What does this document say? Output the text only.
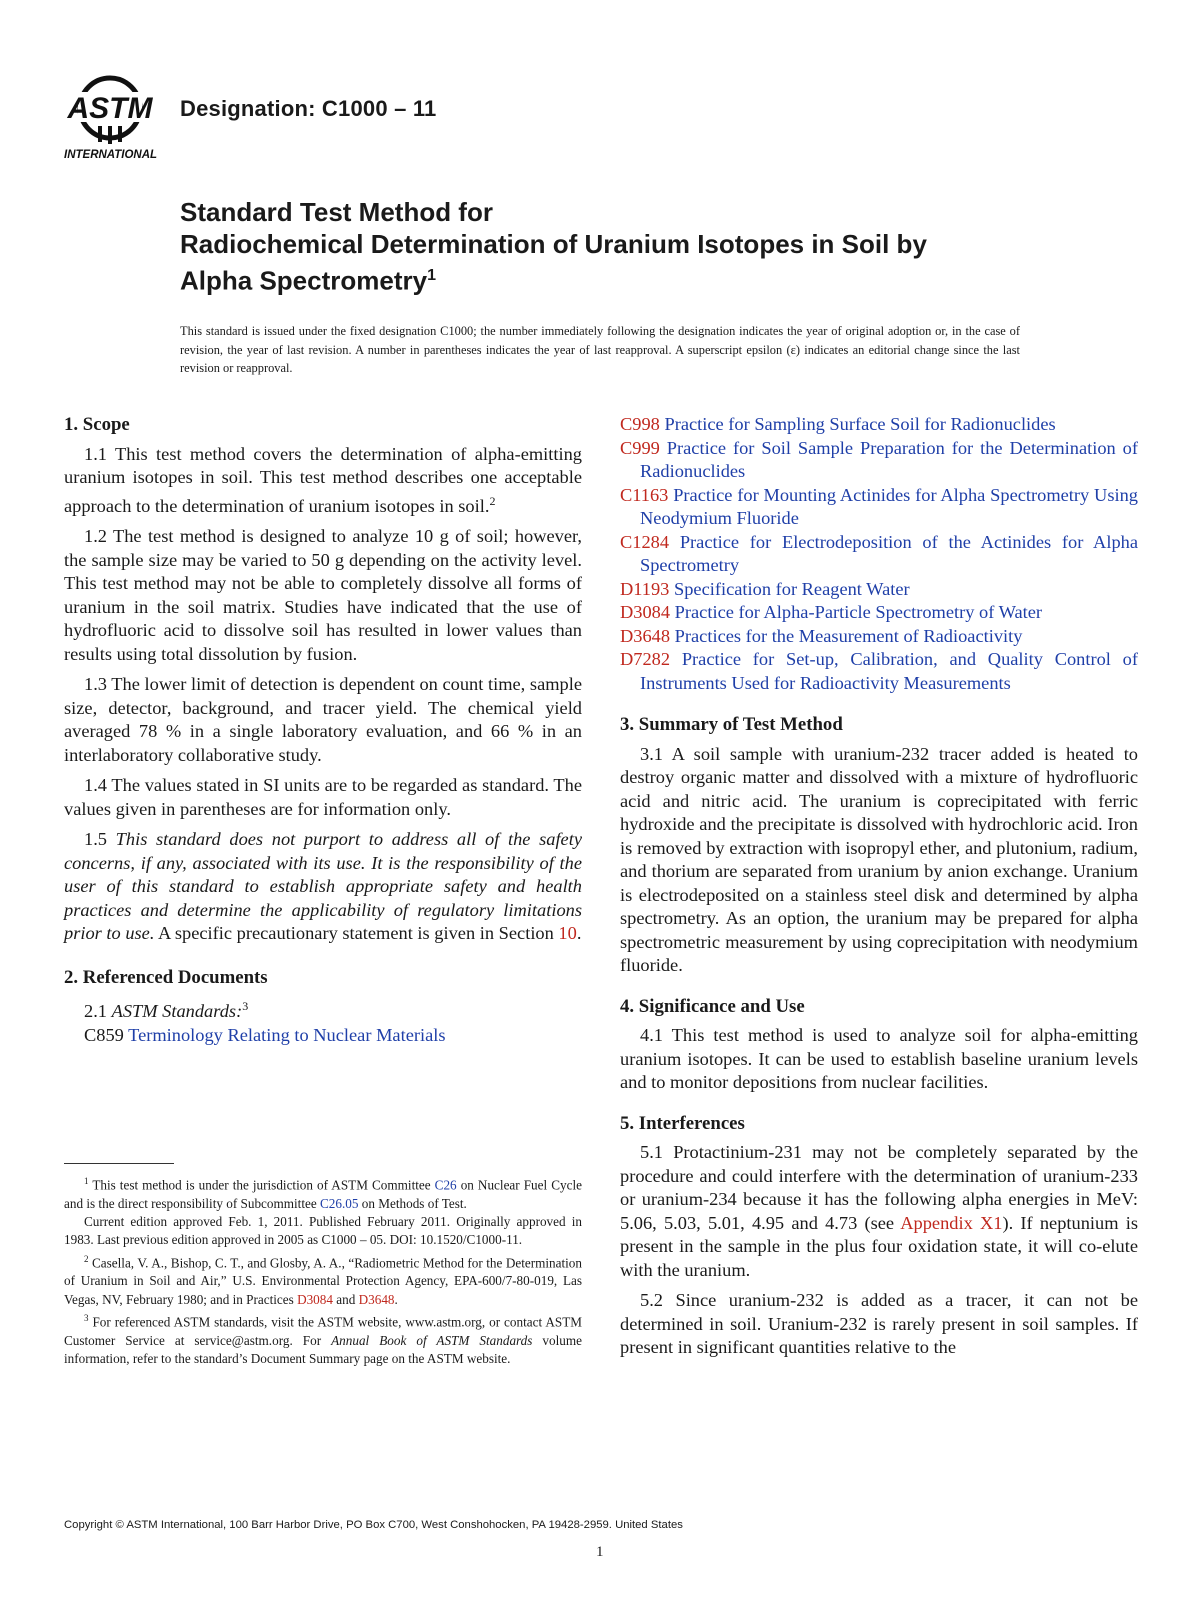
ASTM
INTERNATIONAL
Designation: C1000 – 11
Standard Test Method for
Radiochemical Determination of Uranium Isotopes in Soil by
Alpha Spectrometry$^1$
This standard is issued under the fixed designation C1000; the number immediately following the designation indicates the year of original adoption or, in the case of revision, the year of last revision. A number in parentheses indicates the year of last reapproval. A superscript epsilon (ε) indicates an editorial change since the last revision or reapproval.
1. Scope
1.1 This test method covers the determination of alpha-emitting uranium isotopes in soil. This test method describes one acceptable approach to the determination of uranium isotopes in soil.$^2$
1.2 The test method is designed to analyze 10 g of soil; however, the sample size may be varied to 50 g depending on the activity level. This test method may not be able to completely dissolve all forms of uranium in the soil matrix. Studies have indicated that the use of hydrofluoric acid to dissolve soil has resulted in lower values than results using total dissolution by fusion.
1.3 The lower limit of detection is dependent on count time, sample size, detector, background, and tracer yield. The chemical yield averaged 78 % in a single laboratory evaluation, and 66 % in an interlaboratory collaborative study.
1.4 The values stated in SI units are to be regarded as standard. The values given in parentheses are for information only.
1.5 This standard does not purport to address all of the safety concerns, if any, associated with its use. It is the responsibility of the user of this standard to establish appropriate safety and health practices and determine the applicability of regulatory limitations prior to use. A specific precautionary statement is given in Section 10.
2. Referenced Documents
2.1 ASTM Standards:$^3$
C859 Terminology Relating to Nuclear Materials
C998 Practice for Sampling Surface Soil for Radionuclides
C999 Practice for Soil Sample Preparation for the Determination of Radionuclides
C1163 Practice for Mounting Actinides for Alpha Spectrometry Using Neodymium Fluoride
C1284 Practice for Electrodeposition of the Actinides for Alpha Spectrometry
D1193 Specification for Reagent Water
D3084 Practice for Alpha-Particle Spectrometry of Water
D3648 Practices for the Measurement of Radioactivity
D7282 Practice for Set-up, Calibration, and Quality Control of Instruments Used for Radioactivity Measurements
3. Summary of Test Method
3.1 A soil sample with uranium-232 tracer added is heated to destroy organic matter and dissolved with a mixture of hydrofluoric acid and nitric acid. The uranium is coprecipitated with ferric hydroxide and the precipitate is dissolved with hydrochloric acid. Iron is removed by extraction with isopropyl ether, and plutonium, radium, and thorium are separated from uranium by anion exchange. Uranium is electrodeposited on a stainless steel disk and determined by alpha spectrometry. As an option, the uranium may be prepared for alpha spectrometric measurement by using coprecipitation with neodymium fluoride.
4. Significance and Use
4.1 This test method is used to analyze soil for alpha-emitting uranium isotopes. It can be used to establish baseline uranium levels and to monitor depositions from nuclear facilities.
5. Interferences
5.1 Protactinium-231 may not be completely separated by the procedure and could interfere with the determination of uranium-233 or uranium-234 because it has the following alpha energies in MeV: 5.06, 5.03, 5.01, 4.95 and 4.73 (see Appendix X1). If neptunium is present in the sample in the plus four oxidation state, it will co-elute with the uranium.
5.2 Since uranium-232 is added as a tracer, it can not be determined in soil. Uranium-232 is rarely present in soil samples. If present in significant quantities relative to the
$^1$ This test method is under the jurisdiction of ASTM Committee C26 on Nuclear Fuel Cycle and is the direct responsibility of Subcommittee C26.05 on Methods of Test.
Current edition approved Feb. 1, 2011. Published February 2011. Originally approved in 1983. Last previous edition approved in 2005 as C1000 – 05. DOI: 10.1520/C1000-11.
$^2$ Casella, V. A., Bishop, C. T., and Glosby, A. A., “Radiometric Method for the Determination of Uranium in Soil and Air,” U.S. Environmental Protection Agency, EPA-600/7-80-019, Las Vegas, NV, February 1980; and in Practices D3084 and D3648.
$^3$ For referenced ASTM standards, visit the ASTM website, www.astm.org, or contact ASTM Customer Service at service@astm.org. For Annual Book of ASTM Standards volume information, refer to the standard’s Document Summary page on the ASTM website.
Copyright © ASTM International, 100 Barr Harbor Drive, PO Box C700, West Conshohocken, PA 19428-2959. United States
1
